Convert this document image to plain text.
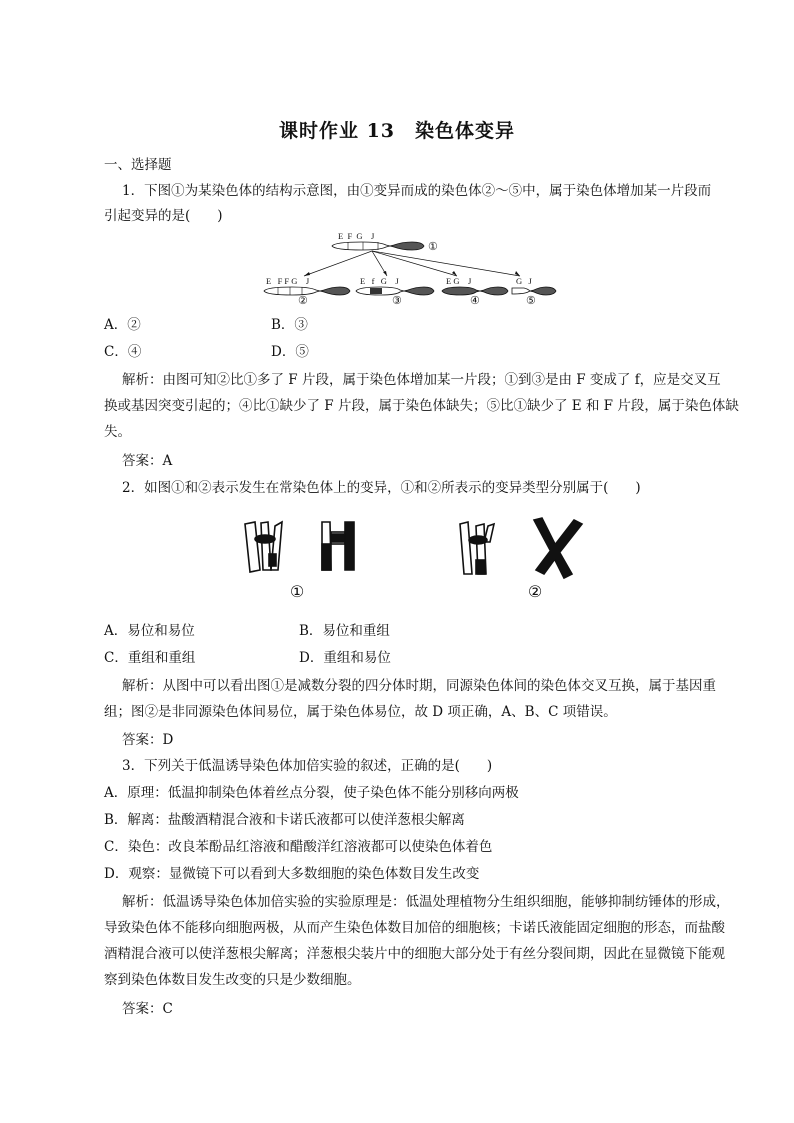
课时作业 13　染色体变异
一、选择题
1．下图①为某染色体的结构示意图，由①变异而成的染色体②～⑤中，属于染色体增加某一片段而
引起变异的是(　　)
E  F  G    J
①
E   F F G    J
②
E   f   G    J
③
E G    J
④
G   J
⑤
A．②	B．③
C．④	D．⑤
解析：由图可知②比①多了 F 片段，属于染色体增加某一片段；①到③是由 F 变成了 f，应是交叉互
换或基因突变引起的；④比①缺少了 F 片段，属于染色体缺失；⑤比①缺少了 E 和 F 片段，属于染色体缺
失。
答案：A
2．如图①和②表示发生在常染色体上的变异，①和②所表示的变异类型分别属于(　　)
①	②
A．易位和易位	B．易位和重组
C．重组和重组	D．重组和易位
解析：从图中可以看出图①是减数分裂的四分体时期，同源染色体间的染色体交叉互换，属于基因重
组；图②是非同源染色体间易位，属于染色体易位，故 D 项正确，A、B、C 项错误。
答案：D
3．下列关于低温诱导染色体加倍实验的叙述，正确的是(　　)
A．原理：低温抑制染色体着丝点分裂，使子染色体不能分别移向两极
B．解离：盐酸酒精混合液和卡诺氏液都可以使洋葱根尖解离
C．染色：改良苯酚品红溶液和醋酸洋红溶液都可以使染色体着色
D．观察：显微镜下可以看到大多数细胞的染色体数目发生改变
解析：低温诱导染色体加倍实验的实验原理是：低温处理植物分生组织细胞，能够抑制纺锤体的形成，
导致染色体不能移向细胞两极，从而产生染色体数目加倍的细胞核；卡诺氏液能固定细胞的形态，而盐酸
酒精混合液可以使洋葱根尖解离；洋葱根尖装片中的细胞大部分处于有丝分裂间期，因此在显微镜下能观
察到染色体数目发生改变的只是少数细胞。
答案：C
